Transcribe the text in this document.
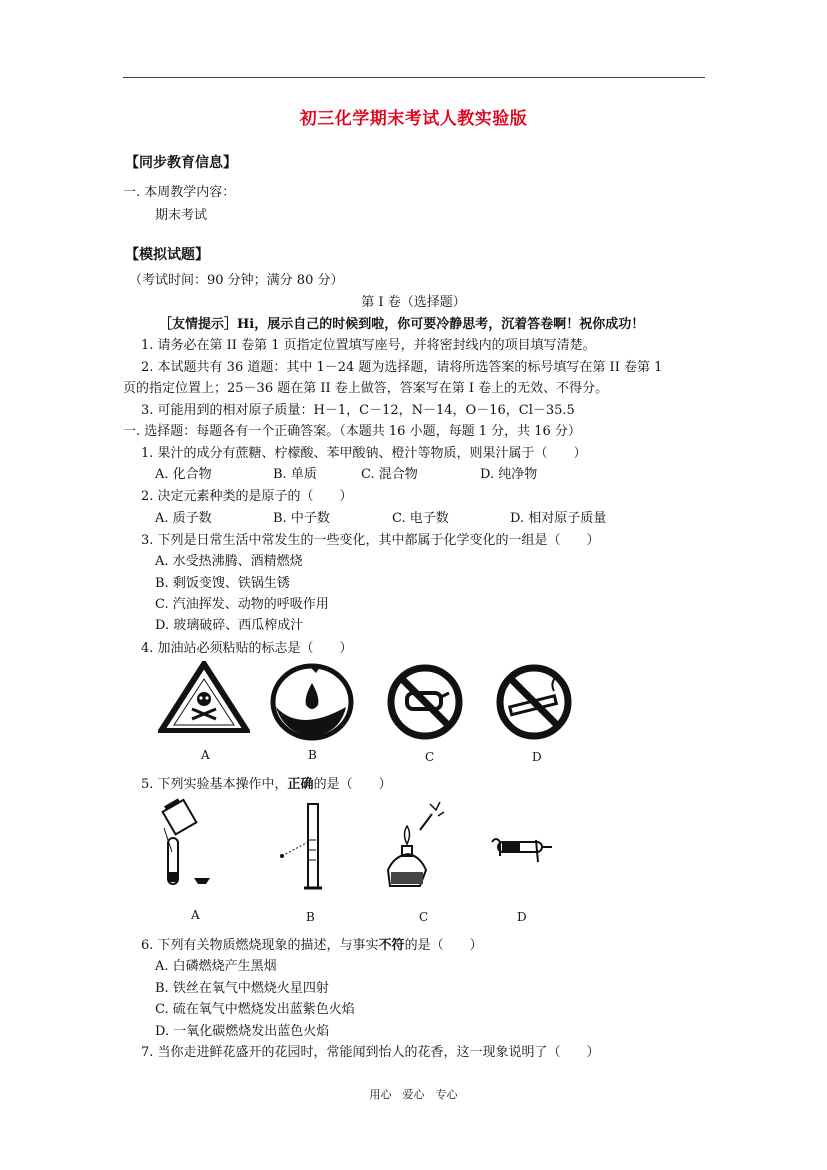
初三化学期末考试人教实验版
【同步教育信息】
一. 本周教学内容：
期末考试
【模拟试题】
（考试时间：90 分钟；满分 80 分）
第 I 卷（选择题）
［友情提示］Hi，展示自己的时候到啦，你可要冷静思考，沉着答卷啊！祝你成功！
1. 请务必在第 II 卷第 1 页指定位置填写座号，并将密封线内的项目填写清楚。
2. 本试题共有 36 道题：其中 1－24 题为选择题，请将所选答案的标号填写在第 II 卷第 1
页的指定位置上；25－36 题在第 II 卷上做答，答案写在第 I 卷上的无效、不得分。
3. 可能用到的相对原子质量：H－1，C－12，N－14，O－16，Cl－35.5
一. 选择题：每题各有一个正确答案。（本题共 16 小题，每题 1 分，共 16 分）
1. 果汁的成分有蔗糖、柠檬酸、苯甲酸钠、橙汁等物质，则果汁属于（　　）
A. 化合物	B. 单质	C. 混合物	D. 纯净物
2. 决定元素种类的是原子的（　　）
A. 质子数	B. 中子数	C. 电子数	D. 相对原子质量
3. 下列是日常生活中常发生的一些变化，其中都属于化学变化的一组是（　　）
A. 水受热沸腾、酒精燃烧
B. 剩饭变馊、铁锅生锈
C. 汽油挥发、动物的呼吸作用
D. 玻璃破碎、西瓜榨成汁
4. 加油站必须粘贴的标志是（　　）
A	B	C	D
5. 下列实验基本操作中，正确的是（　　）
A	B	C	D
6. 下列有关物质燃烧现象的描述，与事实不符的是（　　）
A. 白磷燃烧产生黑烟
B. 铁丝在氧气中燃烧火星四射
C. 硫在氧气中燃烧发出蓝紫色火焰
D. 一氧化碳燃烧发出蓝色火焰
7. 当你走进鲜花盛开的花园时，常能闻到怡人的花香，这一现象说明了（　　）
用心　爱心　专心
